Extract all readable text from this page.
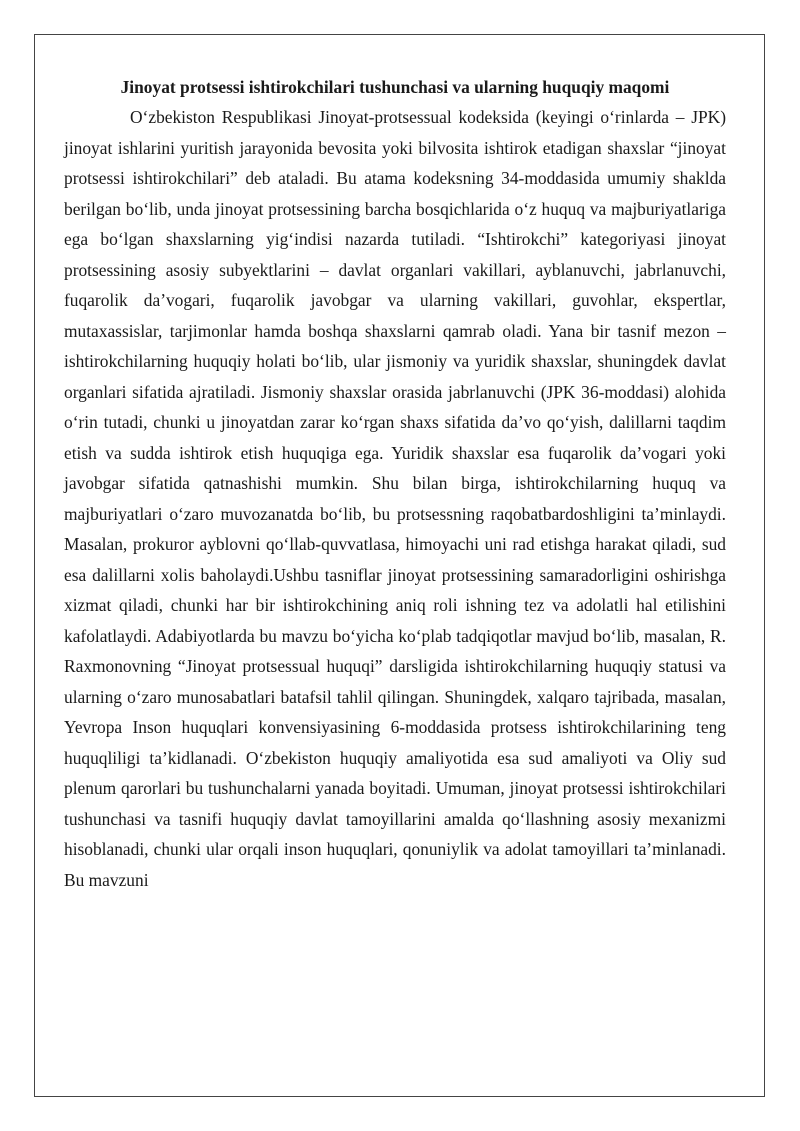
Jinoyat protsessi ishtirokchilari tushunchasi va ularning huquqiy maqomi

O‘zbekiston Respublikasi Jinoyat-protsessual kodeksida (keyingi o‘rinlarda – JPK) jinoyat ishlarini yuritish jarayonida bevosita yoki bilvosita ishtirok etadigan shaxslar “jinoyat protsessi ishtirokchilari” deb ataladi. Bu atama kodeksning 34-moddasida umumiy shaklda berilgan bo‘lib, unda jinoyat protsessining barcha bosqichlarida o‘z huquq va majburiyatlariga ega bo‘lgan shaxslarning yig‘indisi nazarda tutiladi. “Ishtirokchi” kategoriyasi jinoyat protsessining asosiy subyektlarini – davlat organlari vakillari, ayblanuvchi, jabrlanuvchi, fuqarolik da’vogari, fuqarolik javobgar va ularning vakillari, guvohlar, ekspertlar, mutaxassislar, tarjimonlar hamda boshqa shaxslarni qamrab oladi. Yana bir tasnif mezon – ishtirokchilarning huquqiy holati bo‘lib, ular jismoniy va yuridik shaxslar, shuningdek davlat organlari sifatida ajratiladi. Jismoniy shaxslar orasida jabrlanuvchi (JPK 36-moddasi) alohida o‘rin tutadi, chunki u jinoyatdan zarar ko‘rgan shaxs sifatida da’vo qo‘yish, dalillarni taqdim etish va sudda ishtirok etish huquqiga ega. Yuridik shaxslar esa fuqarolik da’vogari yoki javobgar sifatida qatnashishi mumkin. Shu bilan birga, ishtirokchilarning huquq va majburiyatlari o‘zaro muvozanatda bo‘lib, bu protsessning raqobatbardoshligini ta’minlaydi. Masalan, prokuror ayblovni qo‘llab-quvvatlasa, himoyachi uni rad etishga harakat qiladi, sud esa dalillarni xolis baholaydi.Ushbu tasniflar jinoyat protsessining samaradorligini oshirishga xizmat qiladi, chunki har bir ishtirokchining aniq roli ishning tez va adolatli hal etilishini kafolatlaydi. Adabiyotlarda bu mavzu bo‘yicha ko‘plab tadqiqotlar mavjud bo‘lib, masalan, R. Raxmonovning “Jinoyat protsessual huquqi” darsligida ishtirokchilarning huquqiy statusi va ularning o‘zaro munosabatlari batafsil tahlil qilingan. Shuningdek, xalqaro tajribada, masalan, Yevropa Inson huquqlari konvensiyasining 6-moddasida protsess ishtirokchilarining teng huquqliligi ta’kidlanadi. O‘zbekiston huquqiy amaliyotida esa sud amaliyoti va Oliy sud plenum qarorlari bu tushunchalarni yanada boyitadi. Umuman, jinoyat protsessi ishtirokchilari tushunchasi va tasnifi huquqiy davlat tamoyillarini amalda qo‘llashning asosiy mexanizmi hisoblanadi, chunki ular orqali inson huquqlari, qonuniylik va adolat tamoyillari ta’minlanadi. Bu mavzuni
